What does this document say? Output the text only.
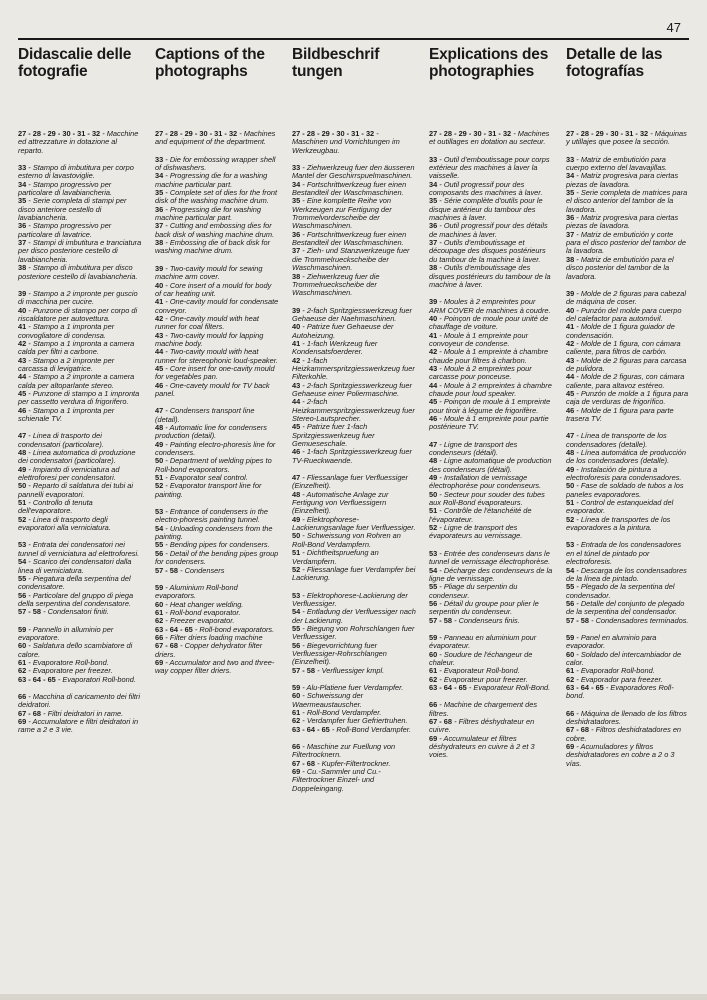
47
Didascalie delle fotografie

27 - 28 - 29 - 30 - 31 - 32 - Macchine ed attrezzature in dotazione al reparto.

33 - Stampo di imbutitura per corpo esterno di lavastoviglie.

34 - Stampo progressivo per particolare di lavabiancheria.

35 - Serie completa di stampi per disco anteriore cestello di lavabiancheria.

36 - Stampo progressivo per particolare di lavatrice.

37 - Stampi di imbutitura e tranciatura per disco posteriore cestello di lavabiancheria.

38 - Stampo di imbutitura per disco posteriore cestello di lavabiancheria.

39 - Stampo a 2 impronte per guscio di macchina per cucire.

40 - Punzone di stampo per corpo di riscaldatore per autovettura.

41 - Stampo a 1 impronta per convogliatore di condensa.

42 - Stampo a 1 impronta a camera calda per filtri a carbone.

43 - Stampo a 2 impronte per carcassa di levigatrice.

44 - Stampo a 2 impronte a camera calda per altoparlante stereo.

45 - Punzone di stampo a 1 impronta per cassetto verdura di frigorifero.

46 - Stampo a 1 impronta per schienale TV.

47 - Linea di trasporto dei condensatori (particolare).

48 - Linea automatica di produzione dei condensatori (particolare).

49 - Impianto di verniciatura ad elettroforesi per condensatori.

50 - Reparto di saldatura dei tubi ai pannelli evaporatori.

51 - Controllo di tenuta dell'evaporatore.

52 - Linea di trasporto degli evaporatori alla verniciatura.

53 - Entrata dei condensatori nei tunnel di verniciatura ad elettroforesi.

54 - Scarico dei condensatori dalla linea di verniciatura.

55 - Piegatura della serpentina del condensatore.

56 - Particolare del gruppo di piega della serpentina del condensatore.

57 - 58 - Condensatori finiti.

59 - Pannello in alluminio per evaporatore.

60 - Saldatura dello scambiatore di calore.

61 - Evaporatore Roll-bond.

62 - Evaporatore per freezer.

63 - 64 - 65 - Evaporatori Roll-bond.

66 - Macchina di caricamento dei filtri deidratori.

67 - 68 - Filtri deidratori in rame.

69 - Accumulatore e filtri deidratori in rame a 2 e 3 vie.

Captions of the photographs

27 - 28 - 29 - 30 - 31 - 32 - Machines and equipment of the department.

33 - Die for embossing wrapper shell of dishwashers.

34 - Progressing die for a washing machine particular part.

35 - Complete set of dies for the front disk of the washing machine drum.

36 - Progressing die for washing machine particular part.

37 - Cutting and embossing dies for back disk of washing machine drum.

38 - Embossing die of back disk for washing machine drum.

39 - Two-cavity mould for sewing machine arm cover.

40 - Core insert of a mould for body of car heating unit.

41 - One-cavity mould for condensate conveyor.

42 - One-cavity mould with heat runner for coal filters.

43 - Two-cavity mould for lapping machine body.

44 - Two-cavity mould with heat runner for stereophonic loud-speaker.

45 - Core insert for one-cavity mould for vegetables pan.

46 - One-cavety mould for TV back panel.

47 - Condensers transport line (detail).

48 - Automatic line for condensers production (detail).

49 - Painting electro-phoresis line for condensers.

50 - Department of welding pipes to Roll-bond evaporators.

51 - Evaporator seal control.

52 - Evaporator transport line for painting.

53 - Entrance of condensers in the electro-phoresis painting tunnel.

54 - Unloading condensers from the painting.

55 - Bending pipes for condensers.

56 - Detail of the bending pipes group for condensers.

57 - 58 - Condensers

59 - Aluminium Roll-bond evaporators.

60 - Heat changer welding.

61 - Roll-bond evaporator.

62 - Freezer evaporator.

63 - 64 - 65 - Roll-bond evaporators.

66 - Filter driers loading machine

67 - 68 - Copper dehydrator filter driers.

69 - Accumulator and two and three-way copper filter driers.

Bildbeschrif tungen

27 - 28 - 29 - 30 - 31 - 32 - Maschinen und Vorrichtungen im Werkzeugbau.

33 - Ziehwerkzeug fuer den äusseren Mantel der Geschirrspuelmaschinen.

34 - Fortschrittwerkzeug fuer einen Bestandteil der Waschmaschinen.

35 - Eine komplette Reihe von Werkzeugen zur Fertigung der Trommelvorderscheibe der Waschmaschinen.

36 - Fortschrittwerkzeug fuer einen Bestandteil der Waschmaschinen.

37 - Zieh- und Stanzwerkzeuge fuer die Trommelrueckscheibe der Waschmaschinen.

38 - Ziehwerkzeug fuer die Trommelrueckscheibe der Waschmaschinen.

39 - 2-fach Spritzgiesswerkzeug fuer Gehaeuse der Naehmaschinen.

40 - Patrize fuer Gehaeuse der Autoheizung.

41 - 1-fach Werkzeug fuer Kondensatsfoerderer.

42 - 1-fach Heizkammerspritzgiesswerkzeug fuer Filterkohle.

43 - 2-fach Spritzgiesswerkzeug fuer Gehaeuse einer Poliermaschine.

44 - 2-fach Heizkammerspritzgiesswerkzeug fuer Stereo-Lautsprecher.

45 - Patrize fuer 1-fach Spritzgiesswerkzeug fuer Gemuesesch​ale.

46 - 1-fach Spritzgiesswerkzeug fuer TV-Rueckwaende.

47 - Fliessanlage fuer Verfluessiger (Einzelheit).

48 - Automatische Anlage zur Fertigung von Verfluessigern (Einzelheit).

49 - Elektrophorese-Lackierungsanlage fuer Verfluessiger.

50 - Schweissung von Rohren an Roll-Bond Verdampfern.

51 - Dichtheitspruefung an Verdampfern.

52 - Fliessanlage fuer Verdampfer bei Lackierung.

53 - Elektrophorese-Lackierung der Verfluessiger.

54 - Entladung der Verfluessiger nach der Lackierung.

55 - Biegung von Rohrschlangen fuer Verfluessiger.

56 - Biegevorrichtung fuer Verfluessiger-Rohrschlangen (Einzelheit).

57 - 58 - Verfluessiger kmpl.

59 - Alu-Platiene fuer Verdampfer.

60 - Schweissung der Waermeaustauscher.

61 - Roll-Bond Verdampfer.

62 - Verdampfer fuer Gefriertruhen.

63 - 64 - 65 - Roll-Bond Verdampfer.

66 - Maschine zur Fuellung von Filtertrocknern.

67 - 68 - Kupfer-Filtertrockner.

69 - Cu.-Sammler und Cu.-Filtertrockner Einzel- und Doppeleingang.

Explications des photographies

27 - 28 - 29 - 30 - 31 - 32 - Machines et outillages en dotation au secteur.

33 - Outil d'emboutissage pour corps extérieur des machines à laver la vaisselle.

34 - Outil progressif pour des composants des machines à laver.

35 - Série complète d'outils pour le disque antérieur du tambour des machines à laver.

36 - Outil progressif pour des détails de machines à laver.

37 - Outils d'emboutissage et découpage des disques postérieurs du tambour de la machine à laver.

38 - Outils d'emboutissage des disques postérieurs du tambour de la machine à laver.

39 - Moules à 2 empreintes pour ARM COVER de machines à coudre.

40 - Poinçon de moule pour unité de chauffage de voiture.

41 - Moule à 1 empreinte pour convoyeur de condense.

42 - Moule à 1 empreinte à chambre chaude pour filtres à charbon.

43 - Moule à 2 empreintes pour carcasse pour ponceuse.

44 - Moule à 2 empreintes à chambre chaude pour loud speaker.

45 - Poinçon de moule à 1 empreinte pour tiroir à légume de frigorifère.

46 - Moule à 1 empreinte pour partie postérieure TV.

47 - Ligne de transport des condenseurs (détail).

48 - Ligne automatique de production des condenseurs (détail).

49 - Installation de vernissage électrophorèse pour condenseurs.

50 - Secteur pour souder des tubes aux Roll-Bond évaporateurs.

51 - Contrôle de l'étanchéité de l'évaporateur.

52 - Ligne de transport des évaporateurs au vernissage.

53 - Entrée des condenseurs dans le tunnel de vernissage électrophorèse.

54 - Décharge des condenseurs de la ligne de vernissage.

55 - Pliage du serpentin du condenseur.

56 - Détail du groupe pour plier le serpentin du condenseur.

57 - 58 - Condenseurs finis.

59 - Panneau en aluminium pour évaporateur.

60 - Soudure de l'échangeur de chaleur.

61 - Evaporateur Roll-bond.

62 - Evaporateur pour freezer.

63 - 64 - 65 - Evaporateur Roll-Bond.

66 - Machine de chargement des filtres.

67 - 68 - Filtres déshydrateur en cuivre.

69 - Accumulateur et filtres déshydrateurs en cuivre à 2 et 3 voies.

Detalle de las fotografías

27 - 28 - 29 - 30 - 31 - 32 - Máquinas y utillajes que posee la sección.

33 - Matriz de embutición para cuerpo externo del lavavajillas.

34 - Matriz progresiva para ciertas piezas de lavadora.

35 - Serie completa de matrices para el disco anterior del tambor de la lavadora.

36 - Matriz progresiva para ciertas piezas de lavadora.

37 - Matriz de embutición y corte para el disco posterior del tambor de la lavadora.

38 - Matriz de embutición para el disco posterior del tambor de la lavadora.

39 - Molde de 2 figuras para cabezal de máquina de coser.

40 - Punzón del molde para cuerpo del calefactor para automóvil.

41 - Molde de 1 figura guiador de condensación.

42 - Molde de 1 figura, con cámara caliente, para filtros de carbón.

43 - Molde de 2 figuras para carcasa de pulidora.

44 - Molde de 2 figuras, con cámara caliente, para altavoz estéreo.

45 - Punzón de molde a 1 figura para caja de verduras de frigorífico.

46 - Molde de 1 figura para parte trasera TV.

47 - Línea de transporte de los condensadores (detalle).

48 - Línea automática de producción de los condensadores (detalle).

49 - Instalación de pintura a electroforesis para condensadores.

50 - Fase de soldado de tubos a los paneles evaporadores.

51 - Control de estanqueidad del evaporador.

52 - Línea de transportes de los evaporadores a la pintura.

53 - Entrada de los condensadores en el túnel de pintado por electroforesis.

54 - Descarga de los condensadores de la línea de pintado.

55 - Plegado de la serpentina del condensador.

56 - Detalle del conjunto de plegado de la serpentina del condensador.

57 - 58 - Condensadores terminados.

59 - Panel en aluminio para evaporador.

60 - Soldado del intercambiador de calor.

61 - Evaporador Roll-bond.

62 - Evaporador para freezer.

63 - 64 - 65 - Evaporadores Roll-bond.

66 - Máquina de llenado de los filtros deshidratadores.

67 - 68 - Filtros deshidratadores en cobre.

69 - Acumuladores y filtros deshidratadores en cobre a 2 o 3 vías.
